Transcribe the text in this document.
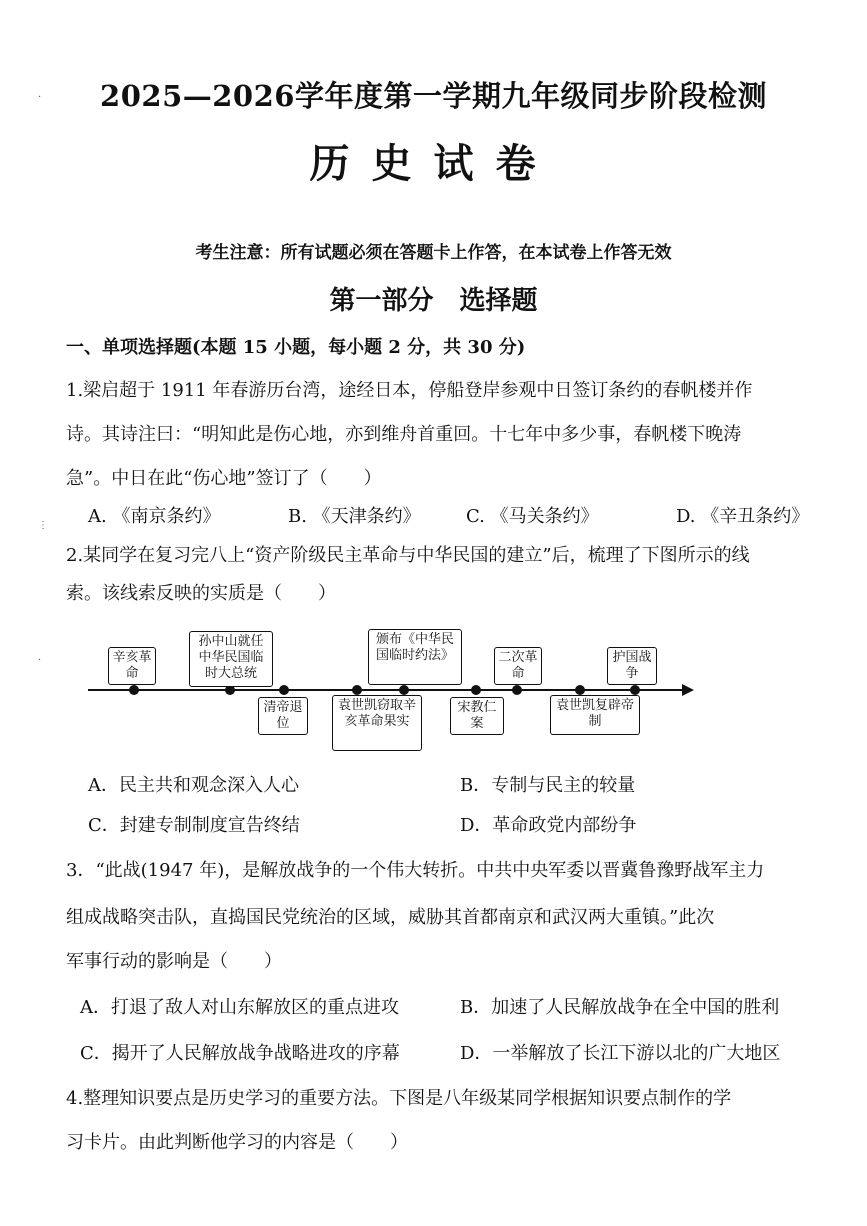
·
⋮
·
2025—2026学年度第一学期九年级同步阶段检测
历史试卷
考生注意：所有试题必须在答题卡上作答，在本试卷上作答无效
第一部分　选择题
一、单项选择题(本题 15 小题，每小题 2 分，共 30 分)
1.梁启超于 1911 年春游历台湾，途经日本，停船登岸参观中日签订条约的春帆楼并作
诗。其诗注曰：“明知此是伤心地，亦到维舟首重回。十七年中多少事，春帆楼下晚涛
急”。中日在此“伤心地”签订了（　　）
A. 《南京条约》	B. 《天津条约》	C. 《马关条约》	D. 《辛丑条约》
2.某同学在复习完八上“资产阶级民主革命与中华民国的建立”后，梳理了下图所示的线
索。该线索反映的实质是（　　）
辛亥革命
孙中山就任中华民国临时大总统
颁布《中华民国临时约法》	二次革命
护国战争
清帝退位
袁世凯窃取辛亥革命果实
宋教仁案
袁世凯复辟帝制
A．民主共和观念深入人心	B．专制与民主的较量
C．封建专制制度宣告终结	D．革命政党内部纷争
3．“此战(1947 年)，是解放战争的一个伟大转折。中共中央军委以晋冀鲁豫野战军主力
组成战略突击队，直捣国民党统治的区域，威胁其首都南京和武汉两大重镇。”此次
军事行动的影响是（　　）
A．打退了敌人对山东解放区的重点进攻	B．加速了人民解放战争在全中国的胜利
C．揭开了人民解放战争战略进攻的序幕	D．一举解放了长江下游以北的广大地区
4.整理知识要点是历史学习的重要方法。下图是八年级某同学根据知识要点制作的学
习卡片。由此判断他学习的内容是（　　）
